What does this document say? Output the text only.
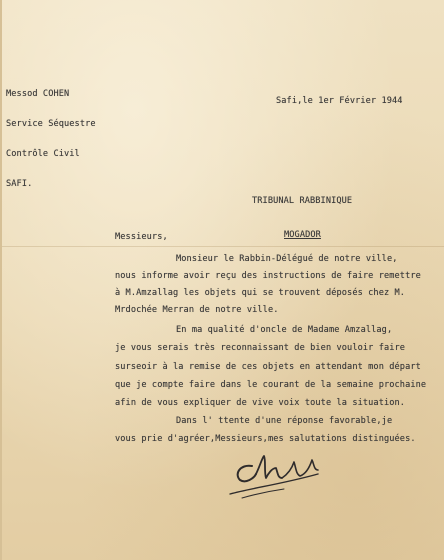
Messod COHEN

Service Séquestre

Contrôle Civil

SAFI.

Safi,le 1er Février 1944

TRIBUNAL RABBINIQUE

MOGADOR

Messieurs,

Monsieur le Rabbin-Délégué de notre ville,

nous informe avoir reçu des instructions de faire remettre

à M.Amzallag les objets qui se trouvent déposés chez M.

Mrdochée Merran de notre ville.

En ma qualité d'oncle de Madame Amzallag,

je vous serais très reconnaissant de bien vouloir faire

surseoir à la remise de ces objets en attendant mon départ

que je compte faire dans le courant de la semaine prochaine

afin de vous expliquer de vive voix toute la situation.

Dans l' ttente d'une réponse favorable,je

vous prie d'agréer,Messieurs,mes salutations distinguées.
